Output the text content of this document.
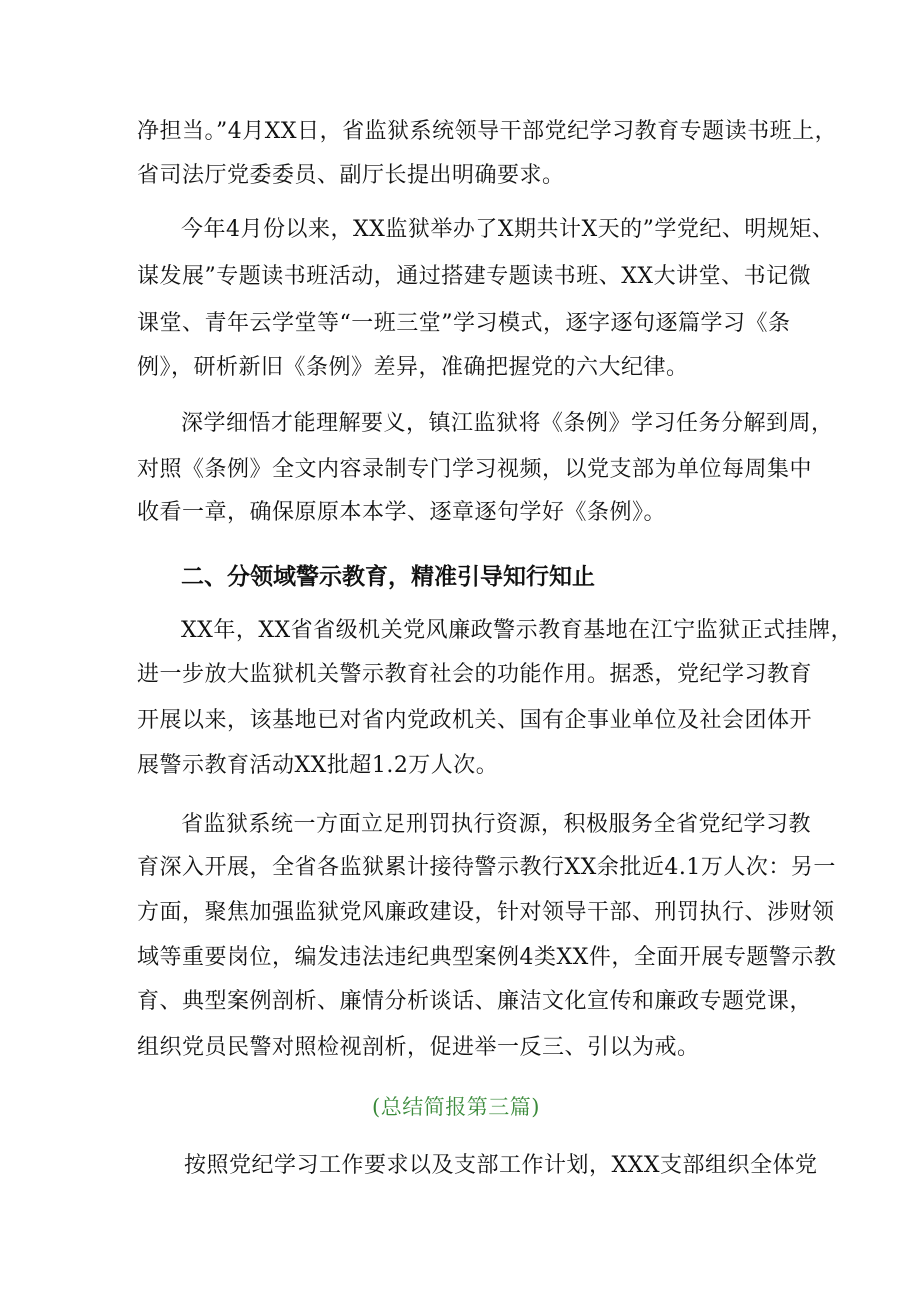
净担当。”4月XX日，省监狱系统领导干部党纪学习教育专题读书班上，
省司法厅党委委员、副厅长提出明确要求。
今年4月份以来，XX监狱举办了X期共计X天的”学党纪、明规矩、
谋发展”专题读书班活动，通过搭建专题读书班、XX大讲堂、书记微
课堂、青年云学堂等“一班三堂”学习模式，逐字逐句逐篇学习《条
例》，研析新旧《条例》差异，准确把握党的六大纪律。
深学细悟才能理解要义，镇江监狱将《条例》学习任务分解到周，
对照《条例》全文内容录制专门学习视频，以党支部为单位每周集中
收看一章，确保原原本本学、逐章逐句学好《条例》。
二、分领域警示教育，精准引导知行知止
XX年，XX省省级机关党风廉政警示教育基地在江宁监狱正式挂牌，
进一步放大监狱机关警示教育社会的功能作用。据悉，党纪学习教育
开展以来，该基地已对省内党政机关、国有企事业单位及社会团体开
展警示教育活动XX批超1.2万人次。
省监狱系统一方面立足刑罚执行资源，积极服务全省党纪学习教
育深入开展，全省各监狱累计接待警示教行XX余批近4.1万人次：另一
方面，聚焦加强监狱党风廉政建设，针对领导干部、刑罚执行、涉财领
域等重要岗位，编发违法违纪典型案例4类XX件，全面开展专题警示教
育、典型案例剖析、廉情分析谈话、廉洁文化宣传和廉政专题党课，
组织党员民警对照检视剖析，促进举一反三、引以为戒。
(总结简报第三篇)
按照党纪学习工作要求以及支部工作计划，XXX支部组织全体党
